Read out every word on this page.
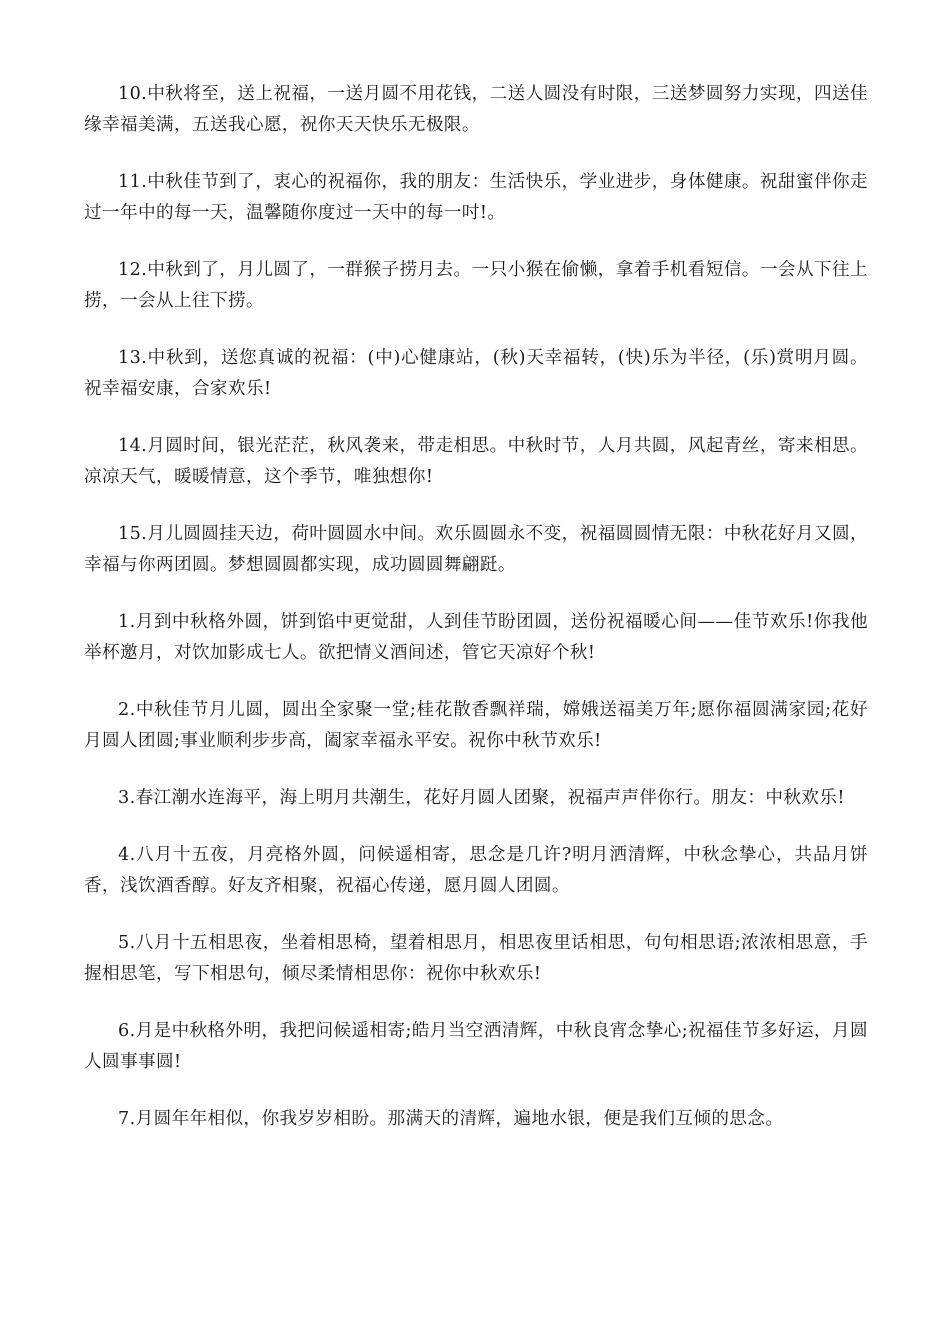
10.中秋将至，送上祝福，一送月圆不用花钱，二送人圆没有时限，三送梦圆努力实现，四送佳缘幸福美满，五送我心愿，祝你天天快乐无极限。

11.中秋佳节到了，衷心的祝福你，我的朋友：生活快乐，学业进步，身体健康。祝甜蜜伴你走过一年中的每一天，温馨随你度过一天中的每一吋!。

12.中秋到了，月儿圆了，一群猴子捞月去。一只小猴在偷懒，拿着手机看短信。一会从下往上捞，一会从上往下捞。

13.中秋到，送您真诚的祝福：(中)心健康站，(秋)天幸福转，(快)乐为半径，(乐)赏明月圆。祝幸福安康，合家欢乐!

14.月圆时间，银光茫茫，秋风袭来，带走相思。中秋时节，人月共圆，风起青丝，寄来相思。凉凉天气，暖暖情意，这个季节，唯独想你!

15.月儿圆圆挂天边，荷叶圆圆水中间。欢乐圆圆永不变，祝福圆圆情无限：中秋花好月又圆，幸福与你两团圆。梦想圆圆都实现，成功圆圆舞翩跹。

1.月到中秋格外圆，饼到馅中更觉甜，人到佳节盼团圆，送份祝福暖心间——佳节欢乐!你我他举杯邀月，对饮加影成七人。欲把情义酒间述，管它天凉好个秋!

2.中秋佳节月儿圆，圆出全家聚一堂;桂花散香飘祥瑞，嫦娥送福美万年;愿你福圆满家园;花好月圆人团圆;事业顺利步步高，阖家幸福永平安。祝你中秋节欢乐!

3.春江潮水连海平，海上明月共潮生，花好月圆人团聚，祝福声声伴你行。朋友：中秋欢乐!

4.八月十五夜，月亮格外圆，问候遥相寄，思念是几许?明月洒清辉，中秋念挚心，共品月饼香，浅饮酒香醇。好友齐相聚，祝福心传递，愿月圆人团圆。

5.八月十五相思夜，坐着相思椅，望着相思月，相思夜里话相思，句句相思语;浓浓相思意，手握相思笔，写下相思句，倾尽柔情相思你：祝你中秋欢乐!

6.月是中秋格外明，我把问候遥相寄;皓月当空洒清辉，中秋良宵念挚心;祝福佳节多好运，月圆人圆事事圆!

7.月圆年年相似，你我岁岁相盼。那满天的清辉，遍地水银，便是我们互倾的思念。
